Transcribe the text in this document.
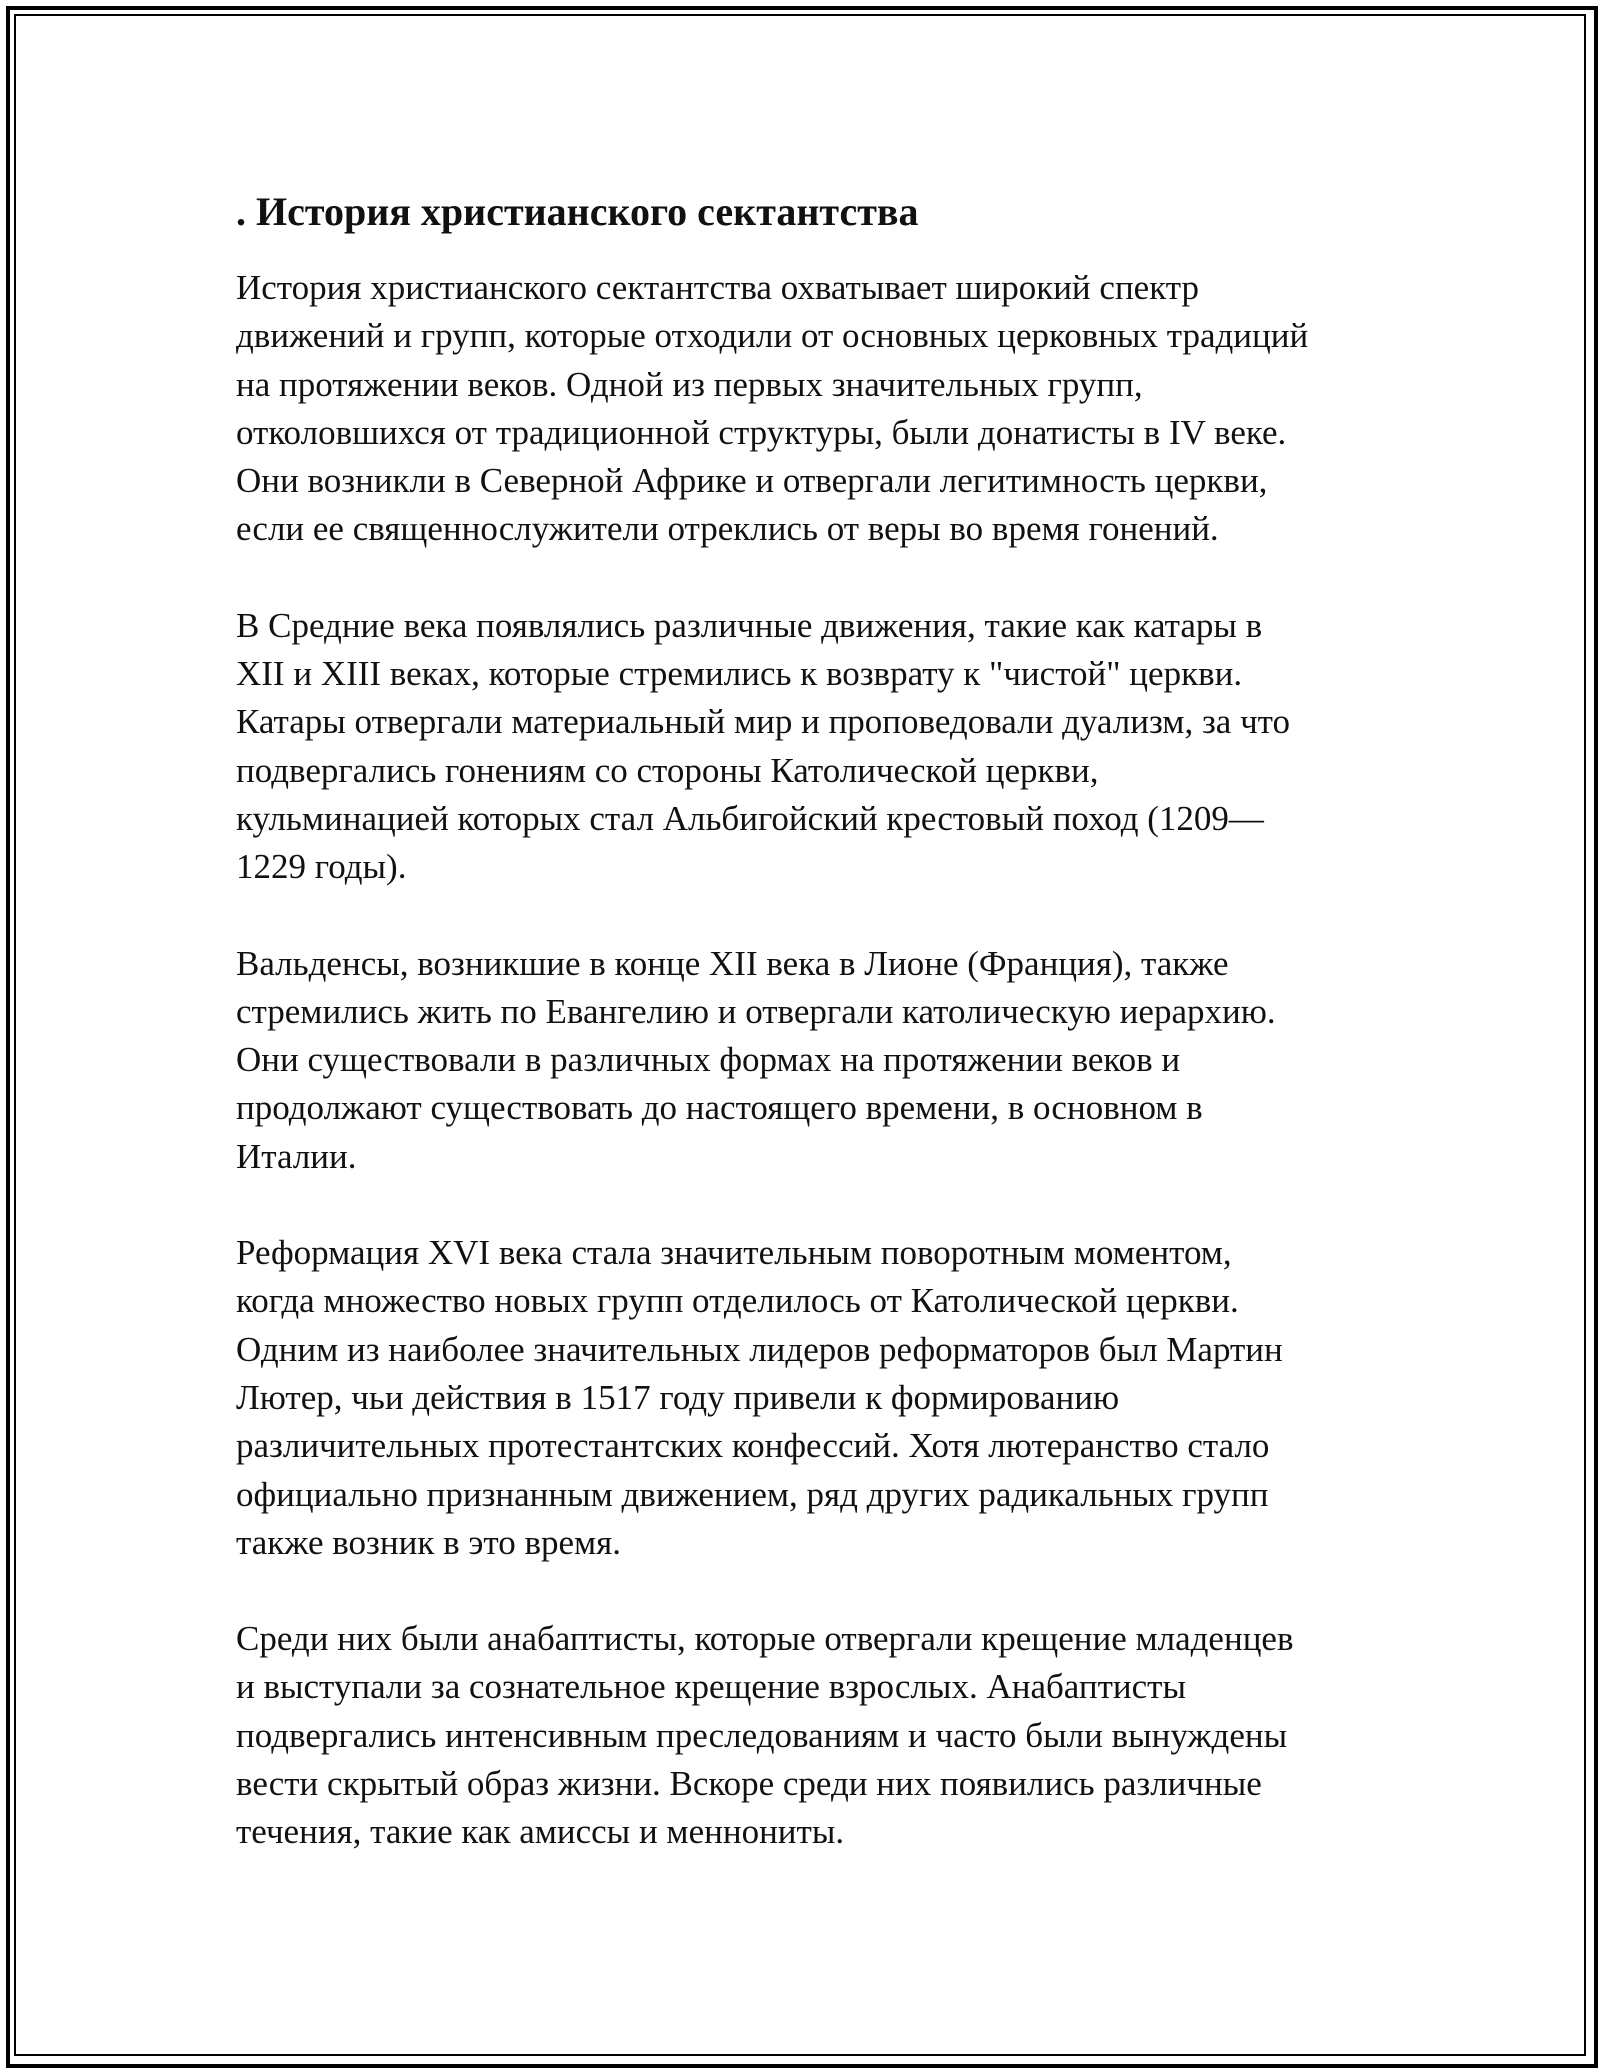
. История христианского сектантства
История христианского сектантства охватывает широкий спектр
движений и групп, которые отходили от основных церковных традиций
на протяжении веков. Одной из первых значительных групп,
отколовшихся от традиционной структуры, были донатисты в IV веке.
Они возникли в Северной Африке и отвергали легитимность церкви,
если ее священнослужители отреклись от веры во время гонений.
В Средние века появлялись различные движения, такие как катары в
XII и XIII веках, которые стремились к возврату к "чистой" церкви.
Катары отвергали материальный мир и проповедовали дуализм, за что
подвергались гонениям со стороны Католической церкви,
кульминацией которых стал Альбигойский крестовый поход (1209—
1229 годы).
Вальденсы, возникшие в конце XII века в Лионе (Франция), также
стремились жить по Евангелию и отвергали католическую иерархию.
Они существовали в различных формах на протяжении веков и
продолжают существовать до настоящего времени, в основном в
Италии.
Реформация XVI века стала значительным поворотным моментом,
когда множество новых групп отделилось от Католической церкви.
Одним из наиболее значительных лидеров реформаторов был Мартин
Лютер, чьи действия в 1517 году привели к формированию
различительных протестантских конфессий. Хотя лютеранство стало
официально признанным движением, ряд других радикальных групп
также возник в это время.
Среди них были анабаптисты, которые отвергали крещение младенцев
и выступали за сознательное крещение взрослых. Анабаптисты
подвергались интенсивным преследованиям и часто были вынуждены
вести скрытый образ жизни. Вскоре среди них появились различные
течения, такие как амиссы и меннониты.
